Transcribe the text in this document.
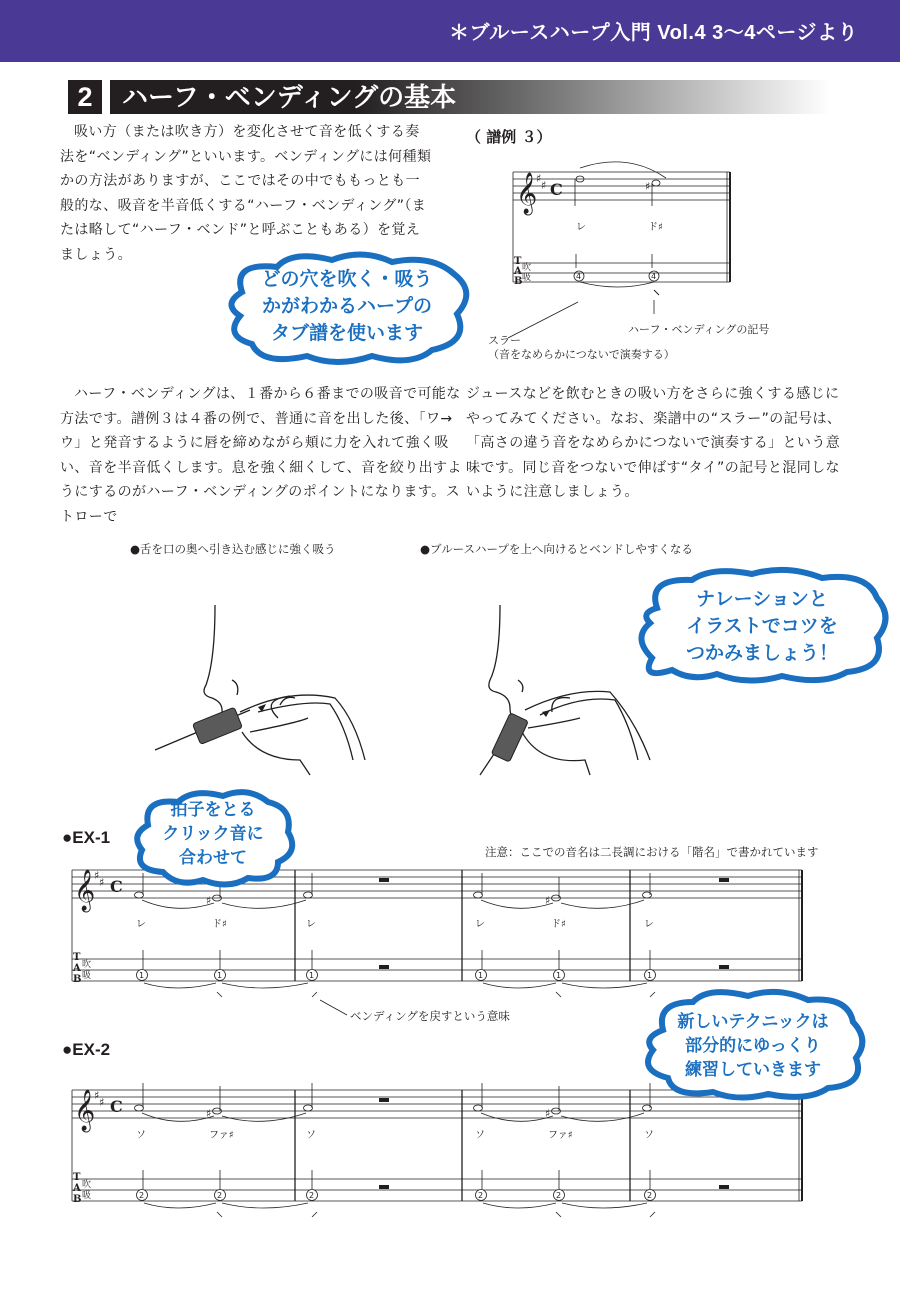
＊ブルースハープ入門 Vol.4 3〜4ページより
2	ハーフ・ベンディングの基本
吸い方（または吹き方）を変化させて音を低くする奏法を“ベンディング”といいます。ベンディングには何種類かの方法がありますが、ここではその中でももっとも一般的な、吸音を半音低くする“ハーフ・ベンディング”（または略して“ハーフ・ベンド”と呼ぶこともある）を覚えましょう。
（ 譜例 ３）
𝄞
♯
♯ C	♯
T
A
B
吹
吸
レ	ド♯
4	4
ハーフ・ベンディングの記号
スラー
（音をなめらかにつないで演奏する）
どの穴を吹く・吸う
かがわかるハープの
タブ譜を使います
ハーフ・ベンディングは、１番から６番までの吸音で可能な方法です。譜例３は４番の例で、普通に音を出した後、「ワ→ウ」と発音するように唇を締めながら頬に力を入れて強く吸い、音を半音低くします。息を強く細くして、音を絞り出すようにするのがハーフ・ベンディングのポイントになります。ストローで
ジュースなどを飲むときの吸い方をさらに強くする感じにやってみてください。なお、楽譜中の“スラー”の記号は、「高さの違う音をなめらかにつないで演奏する」という意味です。同じ音をつないで伸ばす“タイ”の記号と混同しないように注意しましょう。
●舌を口の奥へ引き込む感じに強く吸う	●ブルースハープを上へ向けるとベンドしやすくなる
ナレーションと
イラストでコツを
つかみましょう！
●EX-1
注意：ここでの音名は二長調における「階名」で書かれています
𝄞
♯
♯ C
♯	♯
T
A
B
吹
吸
レ	ド♯	レ	レ	ド♯	レ
1	1	1	1	1	1
ベンディングを戻すという意味
拍子をとる
クリック音に
合わせて
●EX-2
𝄞
♯
♯ C	♯	♯
T
A
B
吹
吸
ソ	ファ♯	ソ	ソ	ファ♯	ソ
2	2	2	2	2	2
新しいテクニックは
部分的にゆっくり
練習していきます
